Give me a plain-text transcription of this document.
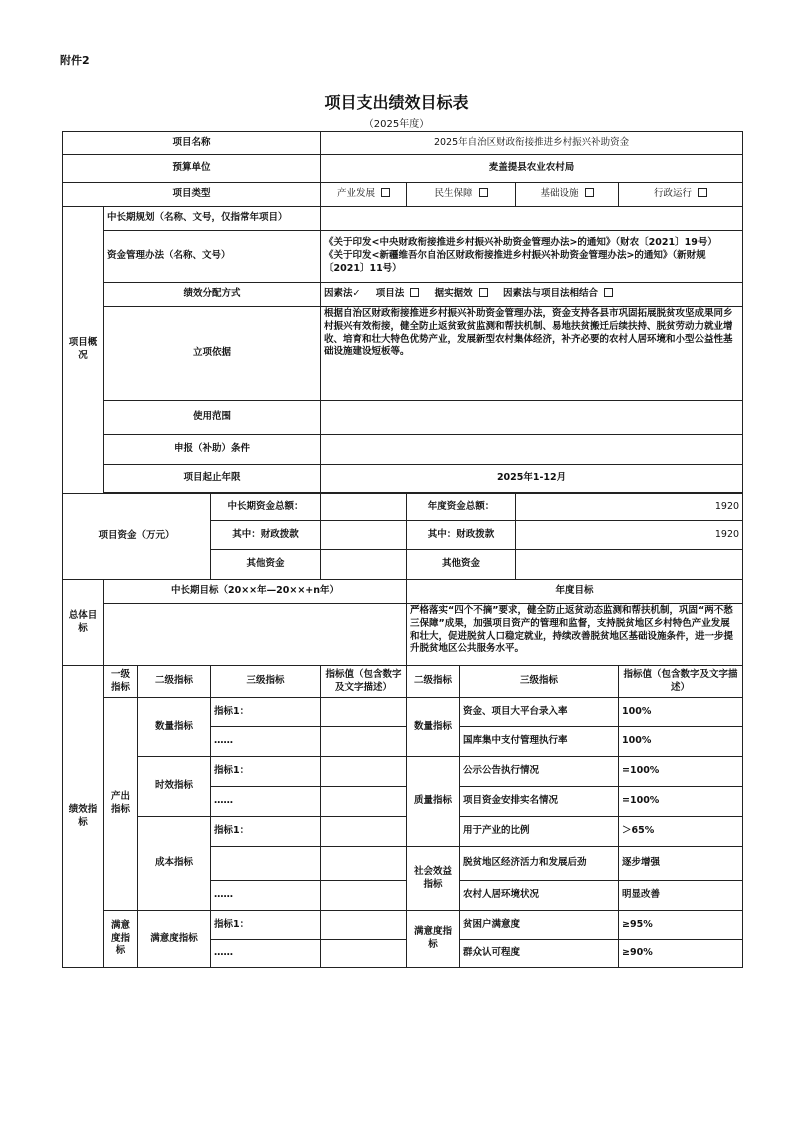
附件2
项目支出绩效目标表
（2025年度）
项目名称				2025年自治区财政衔接推进乡村振兴补助资金				
预算单位				麦盖提县农业农村局				
项目类型				产业发展	民生保障		基础设施	行政运行
项目概况	中长期规划（名称、文号，仅指常年项目）							
	资金管理办法（名称、文号）			《关于印发<中央财政衔接推进乡村振兴补助资金管理办法>的通知》（财农〔2021〕19号）
《关于印发<新疆维吾尔自治区财政衔接推进乡村振兴补助资金管理办法>的通知》（新财规〔2021〕11号）				
	绩效分配方式			因素法✓ 项目法 据实据效 因素法与项目法相结合				
	立项依据			根据自治区财政衔接推进乡村振兴补助资金管理办法，资金支持各县市巩固拓展脱贫攻坚成果同乡村振兴有效衔接，健全防止返贫致贫监测和帮扶机制、易地扶贫搬迁后续扶持、脱贫劳动力就业增收、培育和壮大特色优势产业，发展新型农村集体经济，补齐必要的农村人居环境和小型公益性基础设施建设短板等。				
	使用范围							
	申报（补助）条件							
	项目起止年限			2025年1-12月				

项目资金（万元）			中长期资金总额：		年度资金总额：		1920	
			其中：财政拨款		其中：财政拨款		1920	
			其他资金		其他资金			
总体目标	中长期目标（20××年—20××+n年）				年度目标			
					严格落实“四个不摘”要求，健全防止返贫动态监测和帮扶机制，巩固“两不愁三保障”成果，加强项目资产的管理和监督，支持脱贫地区乡村特色产业发展和壮大，促进脱贫人口稳定就业，持续改善脱贫地区基础设施条件，进一步提升脱贫地区公共服务水平。			
绩效指标	一级指标	二级指标	三级指标	指标值（包含数字及文字描述）	二级指标	三级指标		指标值（包含数字及文字描述）
	产出指标	数量指标	指标1：		数量指标	资金、项目大平台录入率		100%
			……			国库集中支付管理执行率		100%
		时效指标	指标1：		质量指标	公示公告执行情况		=100%
			……			项目资金安排实名情况		=100%
		成本指标	指标1：			用于产业的比例		＞65%
					社会效益指标	脱贫地区经济活力和发展后劲		逐步增强
			……			农村人居环境状况		明显改善
	满意度指标	满意度指标	指标1：		满意度指标	贫困户满意度		≥95%
			……			群众认可程度		≥90%
